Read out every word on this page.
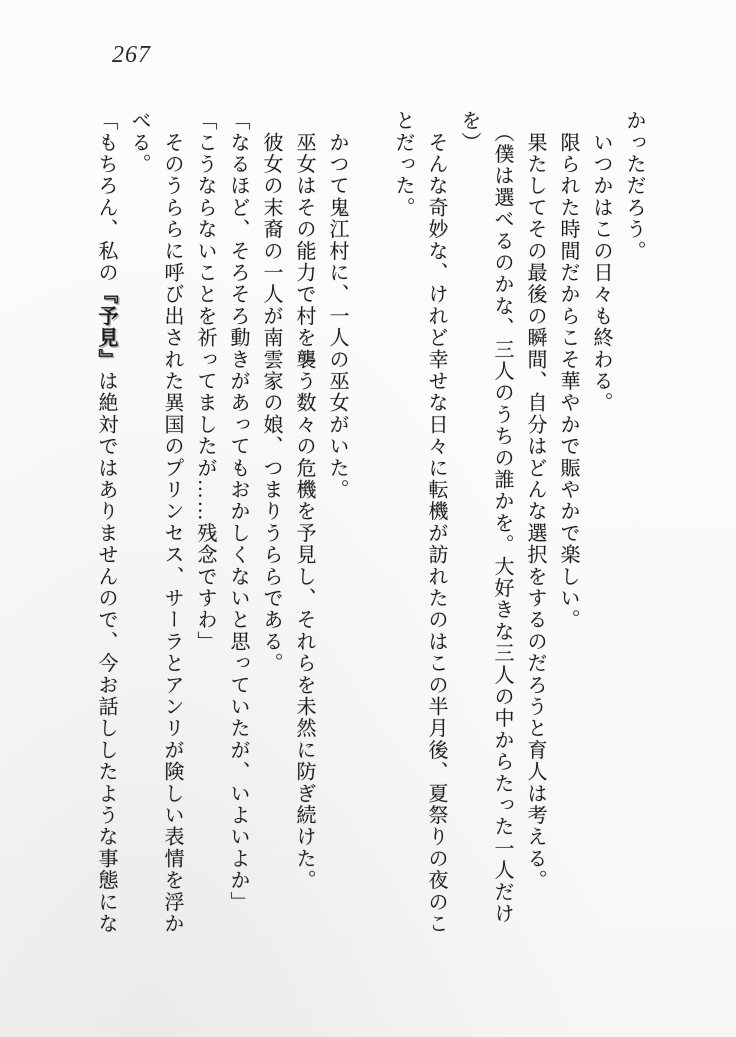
267
かっただろう。
　いつかはこの日々も終わる。
　限られた時間だからこそ華やかで賑やかで楽しい。
　果たしてその最後の瞬間、自分はどんな選択をするのだろうと育人は考える。
　（僕は選べるのかな、三人のうちの誰かを。大好きな三人の中からたった一人だけ
を）
　そんな奇妙な、けれど幸せな日々に転機が訪れたのはこの半月後、夏祭りの夜のこ
とだった。
　かつて鬼江村に、一人の巫女がいた。
　巫女はその能力で村を襲う数々の危機を予見し、それらを未然に防ぎ続けた。
　彼女の末裔の一人が南雲家の娘、つまりうららである。
「なるほど、そろそろ動きがあってもおかしくないと思っていたが、いよいよか」
「こうならないことを祈ってましたが……残念ですわ」
　そのうららに呼び出された異国のプリンセス、サーラとアンリが険しい表情を浮か
べる。
「もちろん、私の『予見』は絶対ではありませんので、今お話ししたような事態にな
